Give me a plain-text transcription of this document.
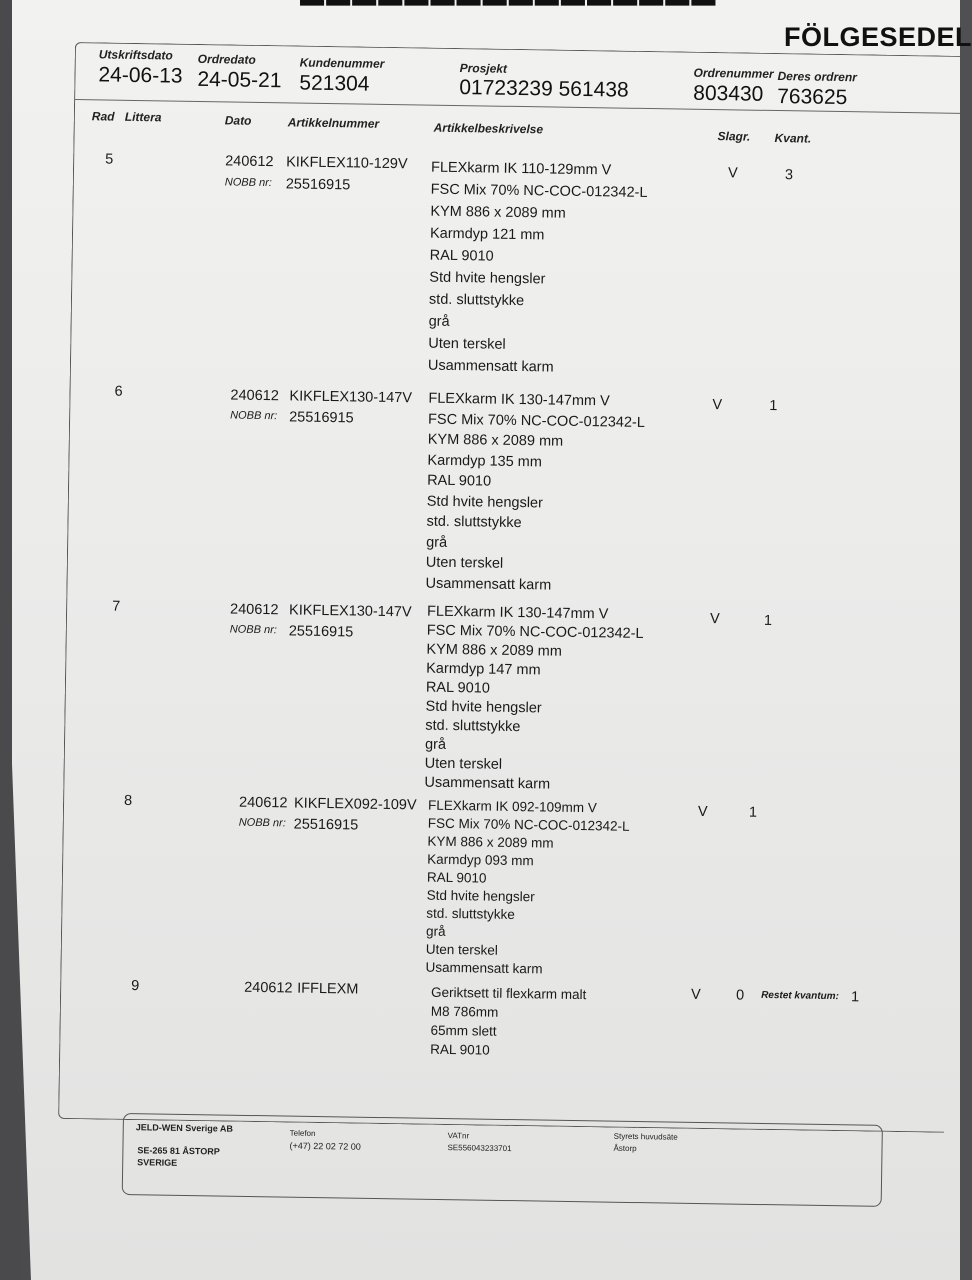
FÖLGESEDEL
Utskriftsdato
24-06-13
Ordredato
24-05-21
Kundenummer
521304
Prosjekt
01723239 561438
Ordrenummer
803430
Deres ordrenr
763625
Rad Littera	Dato	Artikkelnummer	Artikkelbeskrivelse	Slagr. Kvant.
5	240612 KIKFLEX110-129V
NOBB nr: 25516915
FLEXkarm IK 110-129mm V
FSC Mix 70% NC-COC-012342-L
KYM 886 x 2089 mm
Karmdyp 121 mm
RAL 9010
Std hvite hengsler
std. sluttstykke
grå
Uten terskel
Usammensatt karm
V	3
6	240612 KIKFLEX130-147V
NOBB nr: 25516915
FLEXkarm IK 130-147mm V
FSC Mix 70% NC-COC-012342-L
KYM 886 x 2089 mm
Karmdyp 135 mm
RAL 9010
Std hvite hengsler
std. sluttstykke
grå
Uten terskel
Usammensatt karm
V	1
7	240612 KIKFLEX130-147V
NOBB nr: 25516915
FLEXkarm IK 130-147mm V
FSC Mix 70% NC-COC-012342-L
KYM 886 x 2089 mm
Karmdyp 147 mm
RAL 9010
Std hvite hengsler
std. sluttstykke
grå
Uten terskel
Usammensatt karm
V	1
8	240612 KIKFLEX092-109V
NOBB nr: 25516915
FLEXkarm IK 092-109mm V
FSC Mix 70% NC-COC-012342-L
KYM 886 x 2089 mm
Karmdyp 093 mm
RAL 9010
Std hvite hengsler
std. sluttstykke
grå
Uten terskel
Usammensatt karm
V	1
9	240612 IFFLEXM	Geriktsett til flexkarm malt
M8 786mm
65mm slett
RAL 9010
V 0 Restet kvantum: 1
JELD-WEN Sverige AB
SE-265 81 ÅSTORP
SVERIGE
Telefon
(+47) 22 02 72 00
VATnr
SE556043233701
Styrets huvudsäte
Åstorp
